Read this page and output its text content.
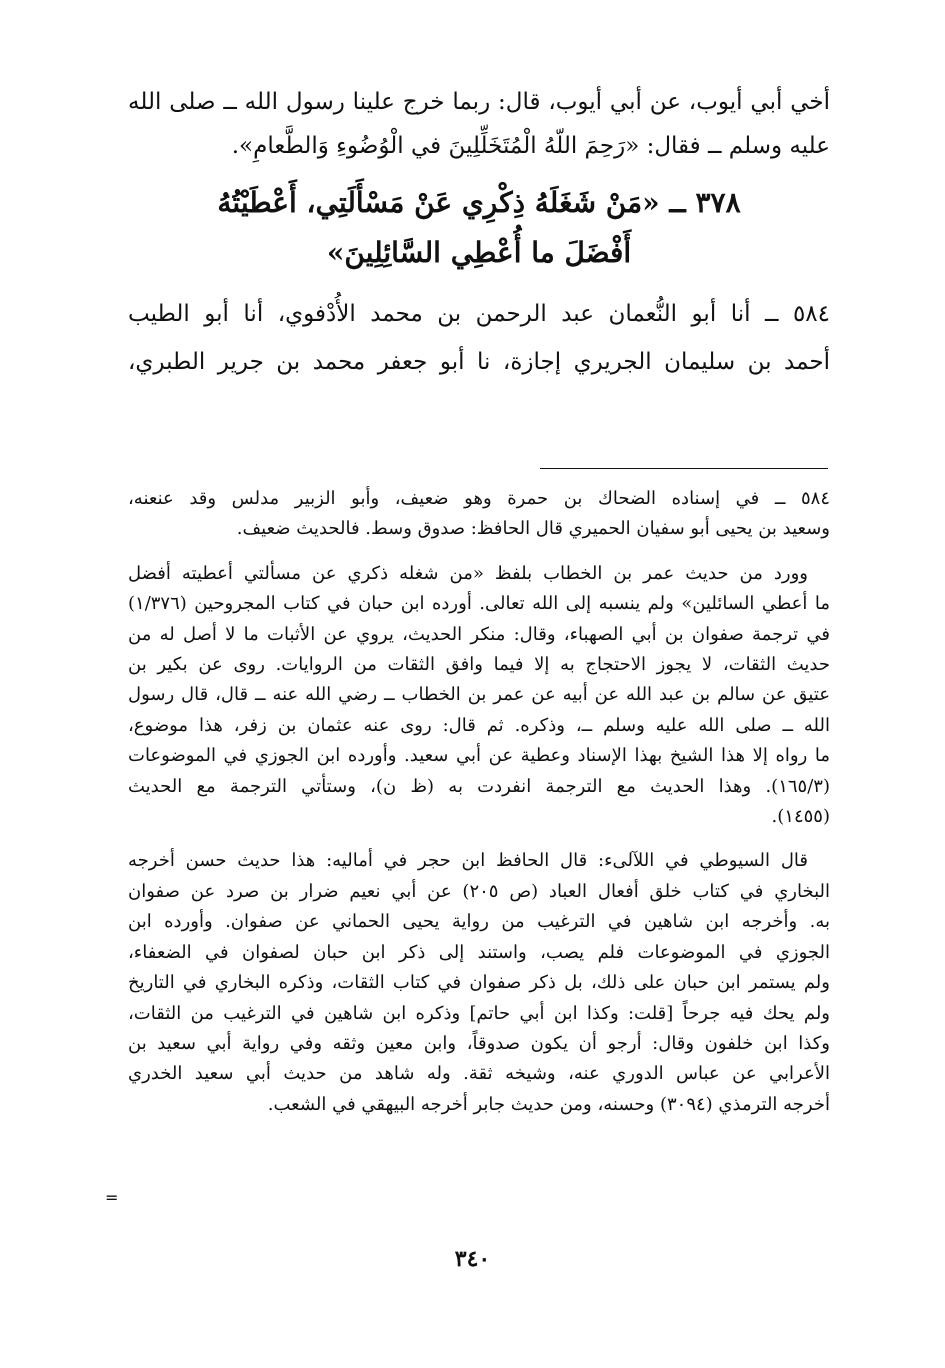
أخي أبي أيوب، عن أبي أيوب، قال: ربما خرج علينا رسول الله ــ صلى الله
عليه وسلم ــ فقال: «رَحِمَ اللّهُ الْمُتَخَلِّلِينَ في الْوُضُوءِ وَالطَّعامِ».
٣٧٨ ــ «مَنْ شَغَلَهُ ذِكْرِي عَنْ مَسْأَلَتِي، أَعْطَيْتُهُ
أَفْضَلَ ما أُعْطِي السَّائِلِينَ»
٥٨٤ ــ أنا أبو النُّعمان عبد الرحمن بن محمد الأُدْفوي، أنا أبو الطيب
أحمد بن سليمان الجريري إجازة، نا أبو جعفر محمد بن جرير الطبري،
٥٨٤ ــ في إسناده الضحاك بن حمرة وهو ضعيف، وأبو الزبير مدلس وقد عنعنه،
وسعيد بن يحيى أبو سفيان الحميري قال الحافظ: صدوق وسط. فالحديث ضعيف.
وورد من حديث عمر بن الخطاب بلفظ «من شغله ذكري عن مسألتي أعطيته أفضل
ما أعطي السائلين» ولم ينسبه إلى الله تعالى. أورده ابن حبان في كتاب المجروحين (١/٣٧٦)
في ترجمة صفوان بن أبي الصهباء، وقال: منكر الحديث، يروي عن الأثبات ما لا أصل له من
حديث الثقات، لا يجوز الاحتجاج به إلا فيما وافق الثقات من الروايات. روى عن بكير بن
عتيق عن سالم بن عبد الله عن أبيه عن عمر بن الخطاب ــ رضي الله عنه ــ قال، قال رسول
الله ــ صلى الله عليه وسلم ــ، وذكره. ثم قال: روى عنه عثمان بن زفر، هذا موضوع،
ما رواه إلا هذا الشيخ بهذا الإسناد وعطية عن أبي سعيد. وأورده ابن الجوزي في الموضوعات
(١٦٥/٣). وهذا الحديث مع الترجمة انفردت به (ظ ن)، وستأتي الترجمة مع الحديث
(١٤٥٥).
قال السيوطي في اللآلىء: قال الحافظ ابن حجر في أماليه: هذا حديث حسن أخرجه
البخاري في كتاب خلق أفعال العباد (ص ٢٠٥) عن أبي نعيم ضرار بن صرد عن صفوان
به. وأخرجه ابن شاهين في الترغيب من رواية يحيى الحماني عن صفوان. وأورده ابن
الجوزي في الموضوعات فلم يصب، واستند إلى ذكر ابن حبان لصفوان في الضعفاء،
ولم يستمر ابن حبان على ذلك، بل ذكر صفوان في كتاب الثقات، وذكره البخاري في التاريخ
ولم يحك فيه جرحاً [قلت: وكذا ابن أبي حاتم] وذكره ابن شاهين في الترغيب من الثقات،
وكذا ابن خلفون وقال: أرجو أن يكون صدوقاً، وابن معين وثقه وفي رواية أبي سعيد بن
الأعرابي عن عباس الدوري عنه، وشيخه ثقة. وله شاهد من حديث أبي سعيد الخدري
أخرجه الترمذي (٣٠٩٤) وحسنه، ومن حديث جابر أخرجه البيهقي في الشعب.
=
٣٤٠
